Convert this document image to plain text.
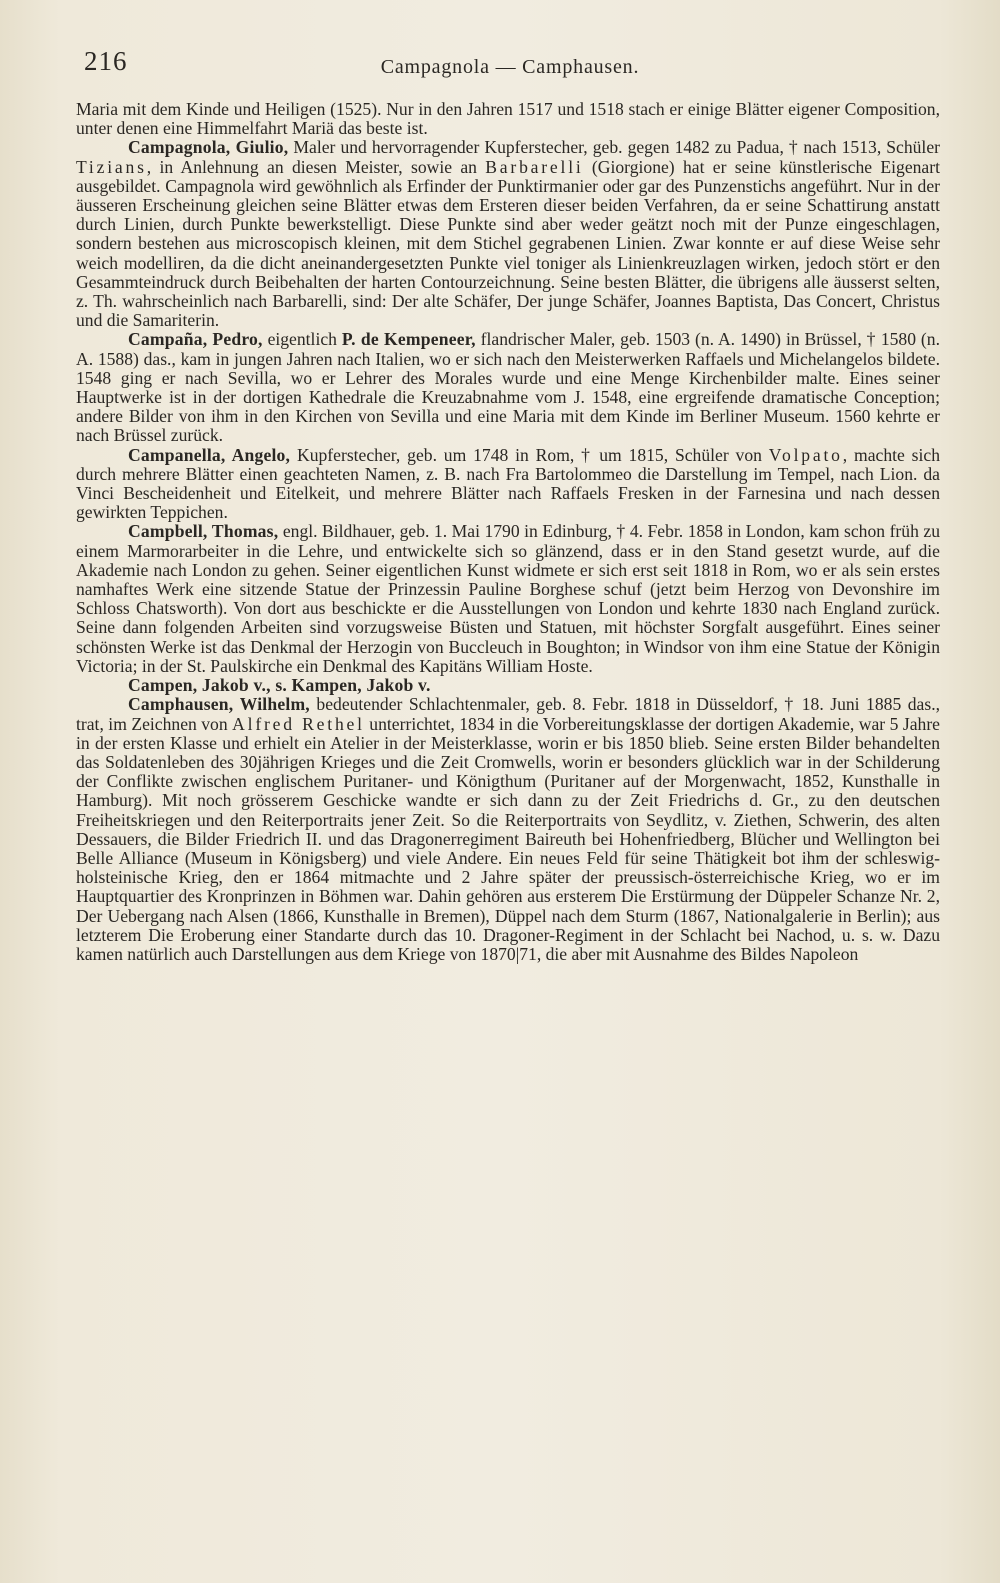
216	Campagnola — Camphausen.

Maria mit dem Kinde und Heiligen (1525). Nur in den Jahren 1517 und 1518 stach er einige Blätter eigener Composition, unter denen eine Himmelfahrt Mariä das beste ist.

Campagnola, Giulio, Maler und hervorragender Kupferstecher, geb. gegen 1482 zu Padua, † nach 1513, Schüler Tizians, in Anlehnung an diesen Meister, sowie an Barbarelli (Giorgione) hat er seine künstlerische Eigenart ausgebildet. Campagnola wird gewöhnlich als Erfinder der Punktirmanier oder gar des Punzenstichs angeführt. Nur in der äusseren Erscheinung gleichen seine Blätter etwas dem Ersteren dieser beiden Verfahren, da er seine Schattirung anstatt durch Linien, durch Punkte bewerkstelligt. Diese Punkte sind aber weder geätzt noch mit der Punze eingeschlagen, sondern bestehen aus microscopisch kleinen, mit dem Stichel gegrabenen Linien. Zwar konnte er auf diese Weise sehr weich modelliren, da die dicht aneinandergesetzten Punkte viel toniger als Linienkreuzlagen wirken, jedoch stört er den Gesammteindruck durch Beibehalten der harten Contourzeichnung. Seine besten Blätter, die übrigens alle äusserst selten, z. Th. wahrscheinlich nach Barbarelli, sind: Der alte Schäfer, Der junge Schäfer, Joannes Baptista, Das Concert, Christus und die Samariterin.

Campaña, Pedro, eigentlich P. de Kempeneer, flandrischer Maler, geb. 1503 (n. A. 1490) in Brüssel, † 1580 (n. A. 1588) das., kam in jungen Jahren nach Italien, wo er sich nach den Meisterwerken Raffaels und Michelangelos bildete. 1548 ging er nach Sevilla, wo er Lehrer des Morales wurde und eine Menge Kirchenbilder malte. Eines seiner Hauptwerke ist in der dortigen Kathedrale die Kreuzabnahme vom J. 1548, eine ergreifende dramatische Conception; andere Bilder von ihm in den Kirchen von Sevilla und eine Maria mit dem Kinde im Berliner Museum. 1560 kehrte er nach Brüssel zurück.

Campanella, Angelo, Kupferstecher, geb. um 1748 in Rom, † um 1815, Schüler von Volpato, machte sich durch mehrere Blätter einen geachteten Namen, z. B. nach Fra Bartolommeo die Darstellung im Tempel, nach Lion. da Vinci Bescheidenheit und Eitelkeit, und mehrere Blätter nach Raffaels Fresken in der Farnesina und nach dessen gewirkten Teppichen.

Campbell, Thomas, engl. Bildhauer, geb. 1. Mai 1790 in Edinburg, † 4. Febr. 1858 in London, kam schon früh zu einem Marmorarbeiter in die Lehre, und entwickelte sich so glänzend, dass er in den Stand gesetzt wurde, auf die Akademie nach London zu gehen. Seiner eigentlichen Kunst widmete er sich erst seit 1818 in Rom, wo er als sein erstes namhaftes Werk eine sitzende Statue der Prinzessin Pauline Borghese schuf (jetzt beim Herzog von Devonshire im Schloss Chatsworth). Von dort aus beschickte er die Ausstellungen von London und kehrte 1830 nach England zurück. Seine dann folgenden Arbeiten sind vorzugsweise Büsten und Statuen, mit höchster Sorgfalt ausgeführt. Eines seiner schönsten Werke ist das Denkmal der Herzogin von Buccleuch in Boughton; in Windsor von ihm eine Statue der Königin Victoria; in der St. Paulskirche ein Denkmal des Kapitäns William Hoste.

Campen, Jakob v., s. Kampen, Jakob v.

Camphausen, Wilhelm, bedeutender Schlachtenmaler, geb. 8. Febr. 1818 in Düsseldorf, † 18. Juni 1885 das., trat, im Zeichnen von Alfred Rethel unterrichtet, 1834 in die Vorbereitungsklasse der dortigen Akademie, war 5 Jahre in der ersten Klasse und erhielt ein Atelier in der Meisterklasse, worin er bis 1850 blieb. Seine ersten Bilder behandelten das Soldatenleben des 30jährigen Krieges und die Zeit Cromwells, worin er besonders glücklich war in der Schilderung der Conflikte zwischen englischem Puritaner- und Königthum (Puritaner auf der Morgenwacht, 1852, Kunsthalle in Hamburg). Mit noch grösserem Geschicke wandte er sich dann zu der Zeit Friedrichs d. Gr., zu den deutschen Freiheitskriegen und den Reiterportraits jener Zeit. So die Reiterportraits von Seydlitz, v. Ziethen, Schwerin, des alten Dessauers, die Bilder Friedrich II. und das Dragonerregiment Baireuth bei Hohenfriedberg, Blücher und Wellington bei Belle Alliance (Museum in Königsberg) und viele Andere. Ein neues Feld für seine Thätigkeit bot ihm der schleswig-holsteinische Krieg, den er 1864 mitmachte und 2 Jahre später der preussisch-österreichische Krieg, wo er im Hauptquartier des Kronprinzen in Böhmen war. Dahin gehören aus ersterem Die Erstürmung der Düppeler Schanze Nr. 2, Der Uebergang nach Alsen (1866, Kunsthalle in Bremen), Düppel nach dem Sturm (1867, Nationalgalerie in Berlin); aus letzterem Die Eroberung einer Standarte durch das 10. Dragoner-Regiment in der Schlacht bei Nachod, u. s. w. Dazu kamen natürlich auch Darstellungen aus dem Kriege von 1870|71, die aber mit Ausnahme des Bildes Napoleon
